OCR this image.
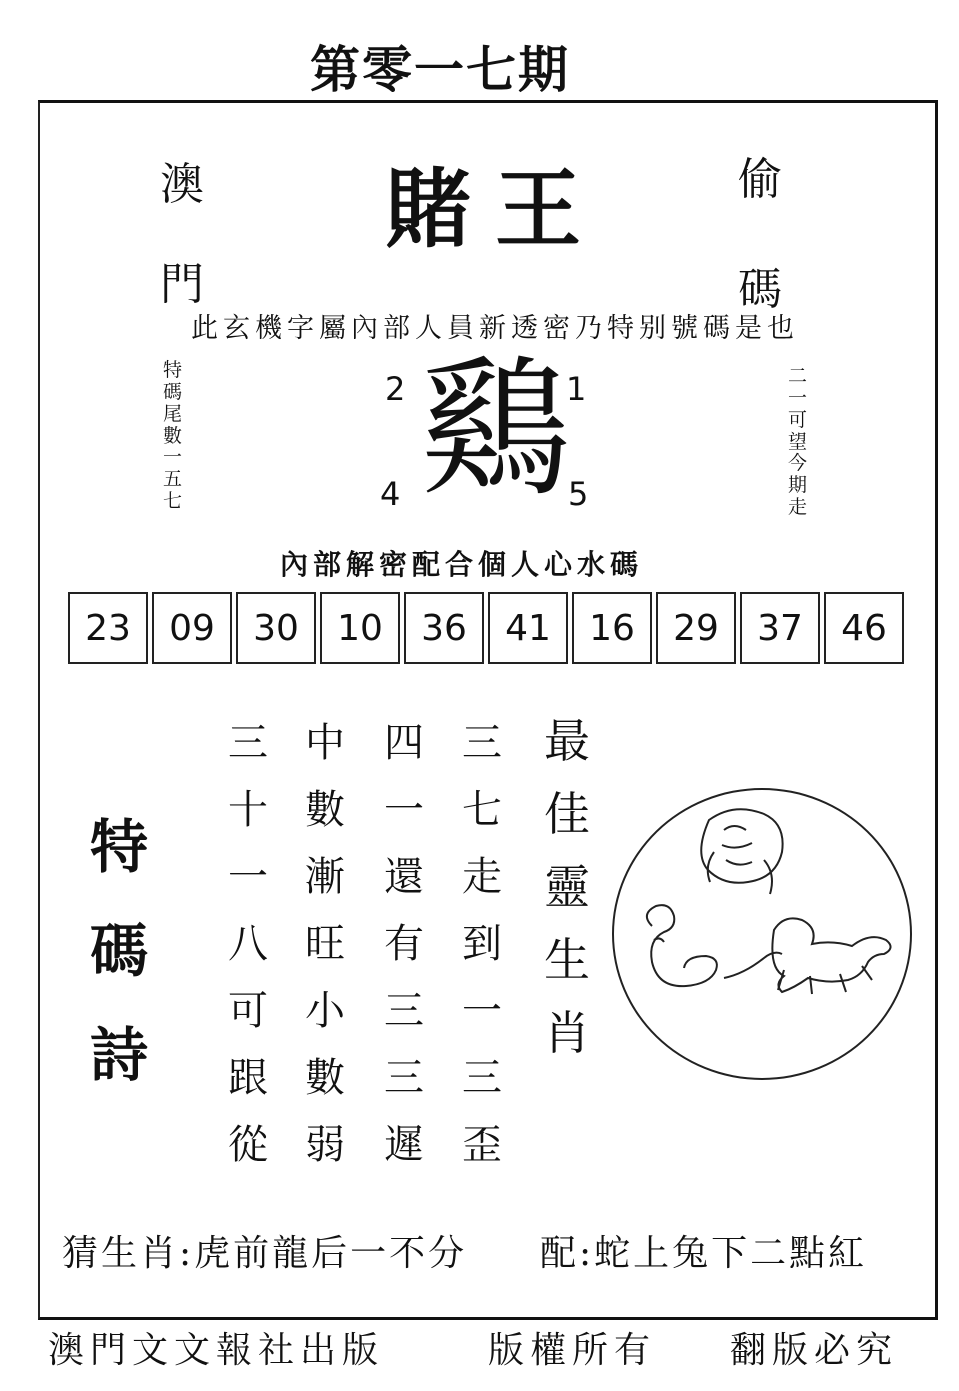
第零一七期
賭王
澳
門
偷
碼
此玄機字屬內部人員新透密乃特别號碼是也
特
碼
尾
數
一
五
七
二
一
可
望
今
期
走
2	1
4	5
鷄
內部解密配合個人心水碼
23	09	30	10	36	41	16	29	37	46
特
碼
詩
三
十
一
八
可
跟
從
中
數
漸
旺
小
數
弱
四
一
還
有
三
三
遲
三
七
走
到
一
三
歪
最
佳
靈
生
肖
猜生肖:虎前龍后一不分 配:蛇上兔下二點紅
澳門文文報社出版	版權所有 翻版必究
